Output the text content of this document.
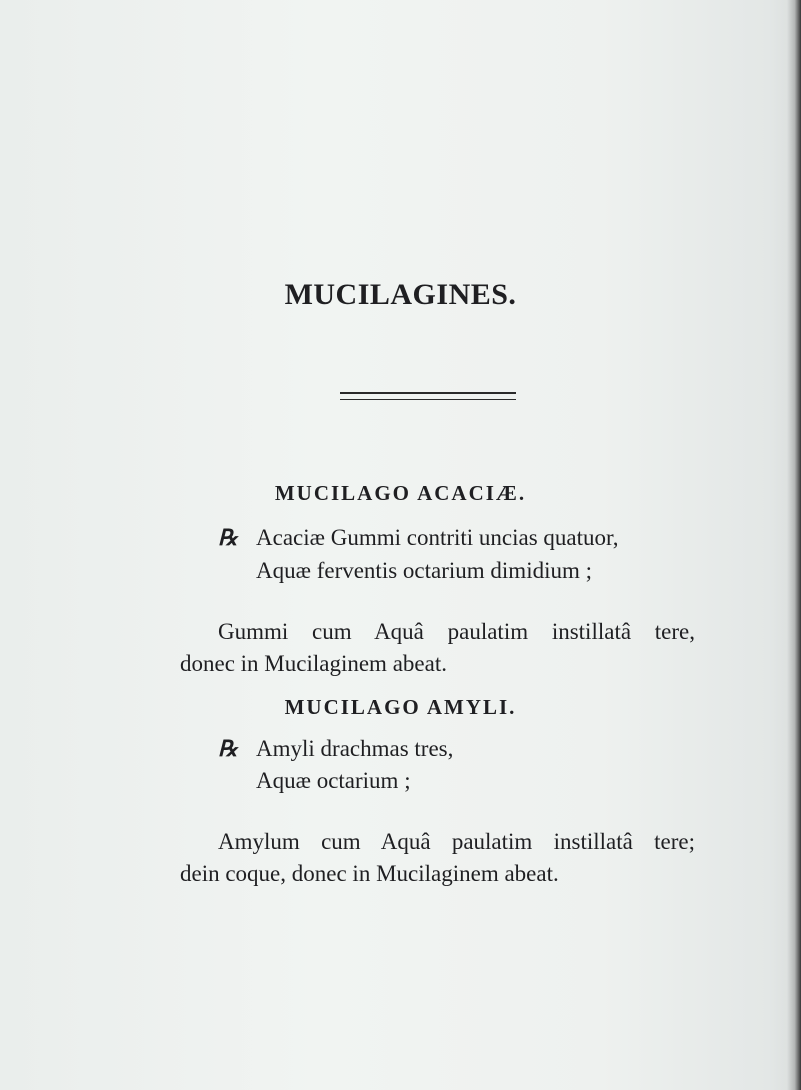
MUCILAGINES.
MUCILAGO ACACIÆ.
℞ Acaciæ Gummi contriti uncias quatuor,

Aquæ ferventis octarium dimidium ;

Gummi cum Aquâ paulatim instillatâ tere,

donec in Mucilaginem abeat.

MUCILAGO AMYLI.
℞ Amyli drachmas tres,

Aquæ octarium ;

Amylum cum Aquâ paulatim instillatâ tere;

dein coque, donec in Mucilaginem abeat.
